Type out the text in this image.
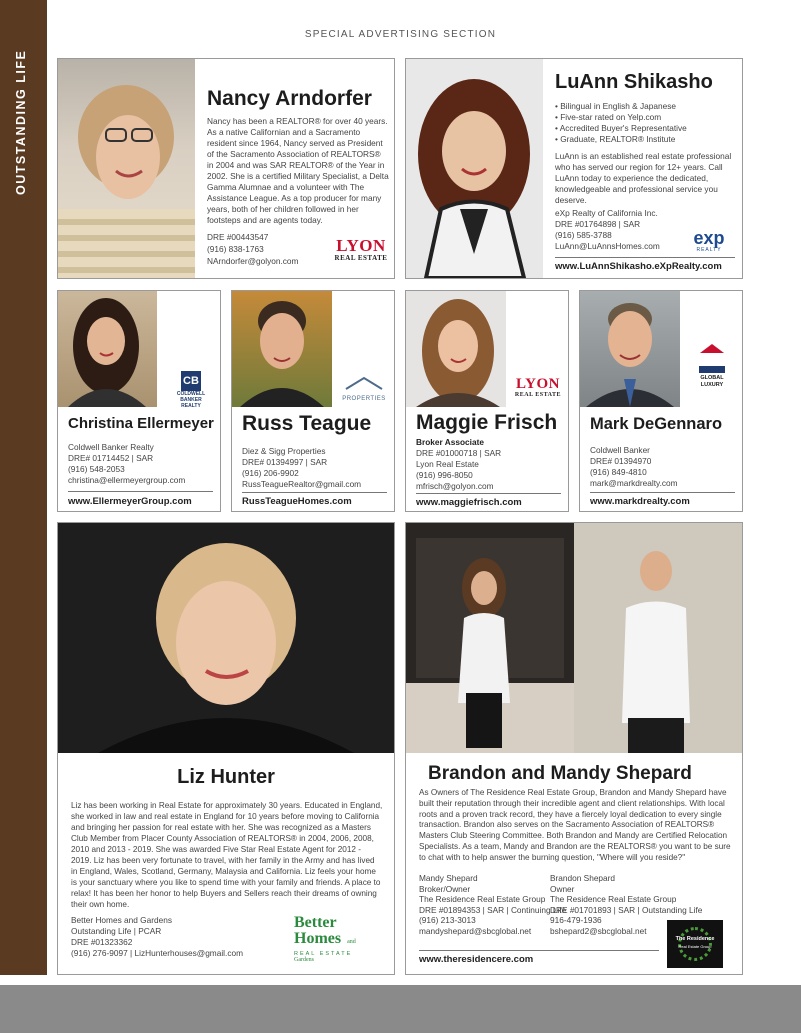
OUTSTANDING LIFE
SPECIAL ADVERTISING SECTION
Nancy Arndorfer
Nancy has been a REALTOR® for over 40 years. As a native Californian and a Sacramento resident since 1964, Nancy served as President of the Sacramento Association of REALTORS® in 2004 and was SAR REALTOR® of the Year in 2002. She is a certified Military Specialist, a Delta Gamma Alumnae and a volunteer with The Assistance League. As a top producer for many years, both of her children followed in her footsteps and are agents today.
DRE #00443547
(916) 838-1763
NArndorfer@golyon.com
LYON
REAL ESTATE
LuAnn Shikasho
• Bilingual in English & Japanese
• Five-star rated on Yelp.com
• Accredited Buyer's Representative
• Graduate, REALTOR® Institute
LuAnn is an established real estate professional who has served our region for 12+ years. Call LuAnn today to experience the dedicated, knowledgeable and professional service you deserve.
eXp Realty of California Inc.
DRE #01764898 | SAR
(916) 585-3788
LuAnn@LuAnnsHomes.com	exp
REALTY
www.LuAnnShikasho.eXpRealty.com
CB
COLDWELL BANKER REALTY
Christina Ellermeyer
Coldwell Banker Realty
DRE# 01714452 | SAR
(916) 548-2053
christina@ellermeyergroup.com
www.EllermeyerGroup.com
PROPERTIES
Russ Teague
Diez & Sigg Properties
DRE# 01394997 | SAR
(916) 206-9902
RussTeagueRealtor@gmail.com
RussTeagueHomes.com
LYON
REAL ESTATE
Maggie Frisch
Broker Associate
DRE #01000718 | SAR
Lyon Real Estate
(916) 996-8050
mfrisch@golyon.com
www.maggiefrisch.com
GLOBAL LUXURY
Mark DeGennaro
Coldwell Banker
DRE# 01394970
(916) 849-4810
mark@markdrealty.com
www.markdrealty.com
Liz Hunter
Liz has been working in Real Estate for approximately 30 years. Educated in England, she worked in law and real estate in England for 10 years before moving to California and bringing her passion for real estate with her. She was recognized as a Masters Club Member from Placer County Association of REALTORS® in 2004, 2006, 2008, 2010 and 2013 - 2019. She was awarded Five Star Real Estate Agent for 2012 - 2019. Liz has been very fortunate to travel, with her family in the Army and has lived in England, Wales, Scotland, Germany, Malaysia and California. Liz feels your home is your sanctuary where you like to spend time with your family and friends. A place to relax! It has been her honor to help Buyers and Sellers reach their dreams of owning their own home.
Better Homes and Gardens
Outstanding Life | PCAR
DRE #01323362
(916) 276-9097 | LizHunterhouses@gmail.com
Better
Homes and Gardens
REAL ESTATE
Brandon and Mandy Shepard
As Owners of The Residence Real Estate Group, Brandon and Mandy Shepard have built their reputation through their incredible agent and client relationships. With local roots and a proven track record, they have a fiercely loyal dedication to every single transaction. Brandon also serves on the Sacramento Association of REALTORS® Masters Club Steering Committee. Both Brandon and Mandy are Certified Relocation Specialists. As a team, Mandy and Brandon are the REALTORS® you want to be sure to chat with to help answer the burning question, "Where will you reside?"
Mandy Shepard
Broker/Owner
The Residence Real Estate Group
DRE #01894353 | SAR | Continuing Life
(916) 213-3013
mandyshepard@sbcglobal.net
Brandon Shepard
Owner
The Residence Real Estate Group
DRE #01701893 | SAR | Outstanding Life
916-479-1936
bshepard2@sbcglobal.net
The Residence
Real Estate Group
www.theresidencere.com
